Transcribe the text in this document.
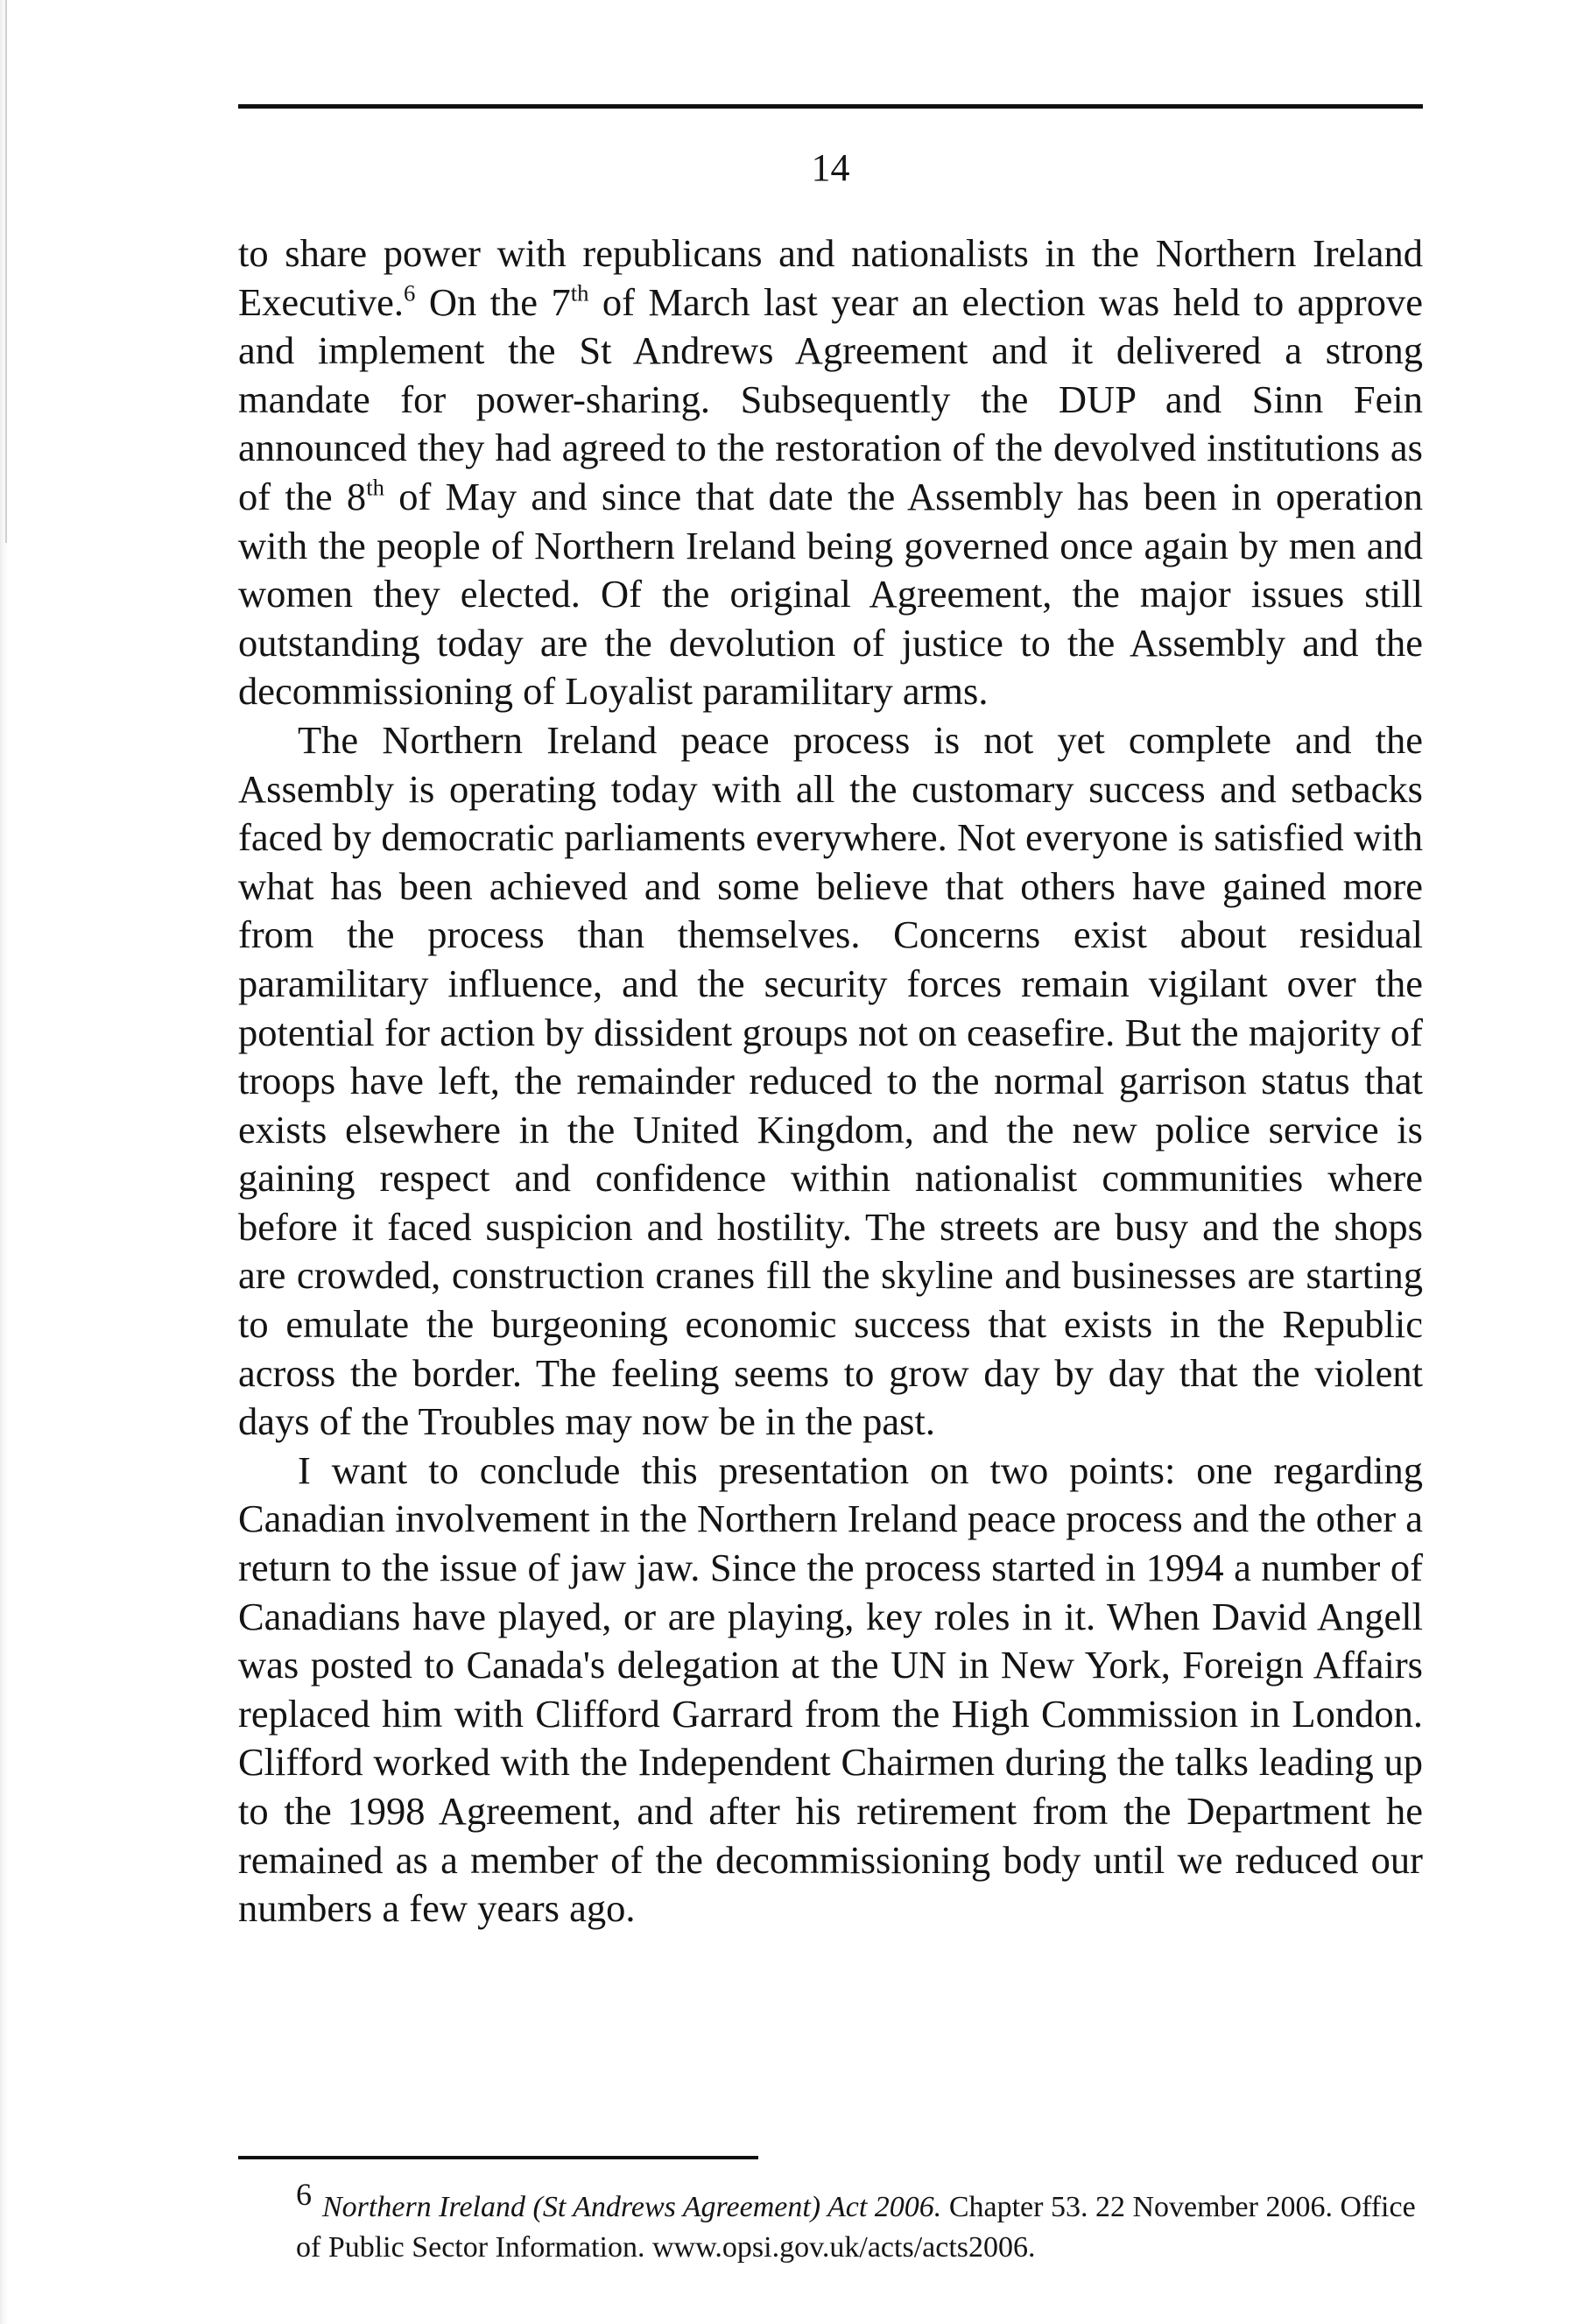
14

to share power with republicans and nationalists in the Northern Ireland Executive.$^6$ On the 7th of March last year an election was held to approve and implement the St Andrews Agreement and it delivered a strong mandate for power-sharing. Subsequently the DUP and Sinn Fein announced they had agreed to the restoration of the devolved institutions as of the 8th of May and since that date the Assembly has been in operation with the people of Northern Ireland being governed once again by men and women they elected. Of the original Agreement, the major issues still outstanding today are the devolution of justice to the Assembly and the decommissioning of Loyalist paramilitary arms.

The Northern Ireland peace process is not yet complete and the Assembly is operating today with all the customary success and setbacks faced by democratic parliaments everywhere. Not everyone is satisfied with what has been achieved and some believe that others have gained more from the process than themselves. Concerns exist about residual paramilitary influence, and the security forces remain vigilant over the potential for action by dissident groups not on ceasefire. But the majority of troops have left, the remainder reduced to the normal garrison status that exists elsewhere in the United Kingdom, and the new police service is gaining respect and confidence within nationalist communities where before it faced suspicion and hostility. The streets are busy and the shops are crowded, construction cranes fill the skyline and businesses are starting to emulate the burgeoning economic success that exists in the Republic across the border. The feeling seems to grow day by day that the violent days of the Troubles may now be in the past.

I want to conclude this presentation on two points: one regarding Canadian involvement in the Northern Ireland peace process and the other a return to the issue of jaw jaw. Since the process started in 1994 a number of Canadians have played, or are playing, key roles in it. When David Angell was posted to Canada's delegation at the UN in New York, Foreign Affairs replaced him with Clifford Garrard from the High Commission in London. Clifford worked with the Independent Chairmen during the talks leading up to the 1998 Agreement, and after his retirement from the Department he remained as a member of the decommissioning body until we reduced our numbers a few years ago.

6 Northern Ireland (St Andrews Agreement) Act 2006. Chapter 53. 22 November 2006. Office of Public Sector Information. www.opsi.gov.uk/acts/acts2006.
